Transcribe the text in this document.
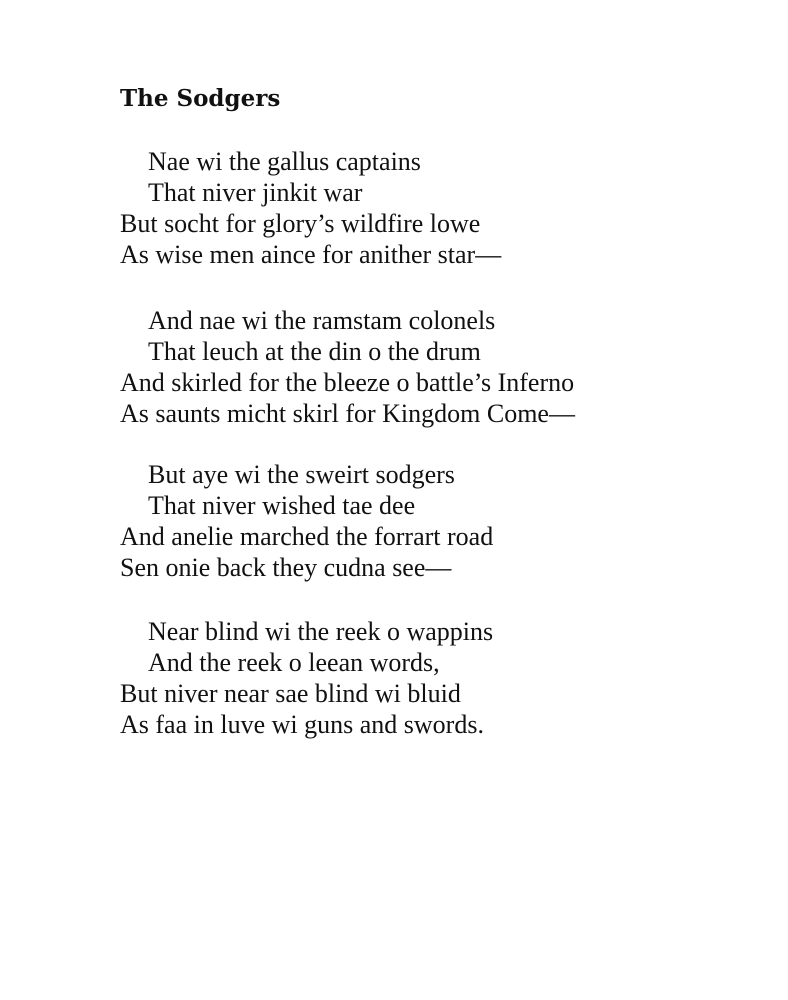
The Sodgers
Nae wi the gallus captains
That niver jinkit war
But socht for glory’s wildfire lowe
As wise men aince for anither star—
And nae wi the ramstam colonels
That leuch at the din o the drum
And skirled for the bleeze o battle’s Inferno
As saunts micht skirl for Kingdom Come—
But aye wi the sweirt sodgers
That niver wished tae dee
And anelie marched the forrart road
Sen onie back they cudna see—
Near blind wi the reek o wappins
And the reek o leean words,
But niver near sae blind wi bluid
As faa in luve wi guns and swords.
